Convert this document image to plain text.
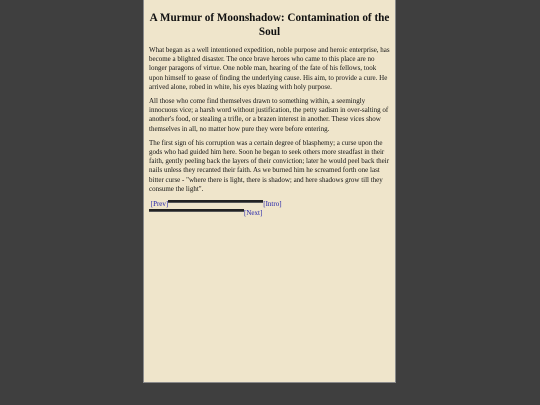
A Murmur of Moonshadow: Contamination of the Soul

What began as a well intentioned expedition, noble purpose and heroic enterprise, has become a blighted disaster. The once brave heroes who came to this place are no longer paragons of virtue. One noble man, hearing of the fate of his fellows, took upon himself to gease of finding the underlying cause. His aim, to provide a cure. He arrived alone, robed in white, his eyes blazing with holy purpose.

All those who come find themselves drawn to something within, a seemingly innocuous vice; a harsh word without justification, the petty sadism in over-salting of another's food, or stealing a trifle, or a brazen interest in another. These vices show themselves in all, no matter how pure they were before entering.

The first sign of his corruption was a certain degree of blasphemy; a curse upon the gods who had guided him here. Soon he began to seek others more steadfast in their faith, gently peeling back the layers of their conviction; later he would peel back their nails unless they recanted their faith. As we burned him he screamed forth one last bitter curse - "where there is light, there is shadow; and here shadows grow till they consume the light".

[Prev]	[Intro]
[Next]
